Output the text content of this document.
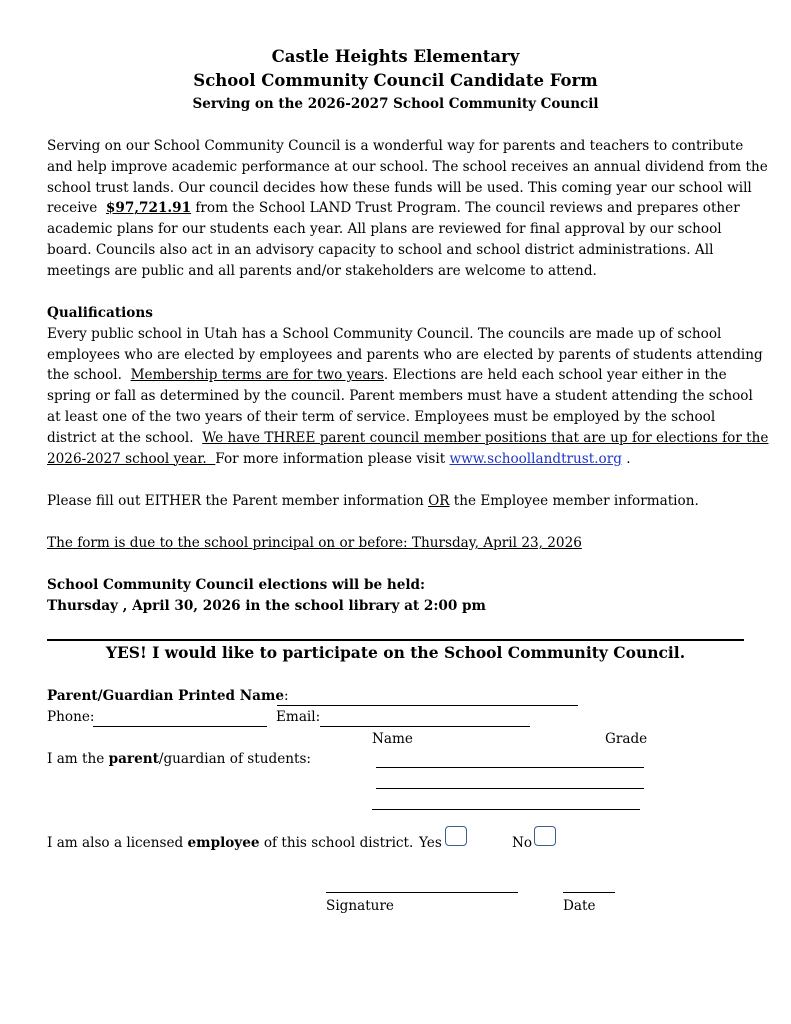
Castle Heights Elementary
School Community Council Candidate Form
Serving on the 2026-2027 School Community Council
Serving on our School Community Council is a wonderful way for parents and teachers to contribute
and help improve academic performance at our school. The school receives an annual dividend from the
school trust lands. Our council decides how these funds will be used. This coming year our school will
receive  $97,721.91 from the School LAND Trust Program. The council reviews and prepares other
academic plans for our students each year. All plans are reviewed for final approval by our school
board. Councils also act in an advisory capacity to school and school district administrations. All
meetings are public and all parents and/or stakeholders are welcome to attend.
Qualifications
Every public school in Utah has a School Community Council. The councils are made up of school
employees who are elected by employees and parents who are elected by parents of students attending
the school.  Membership terms are for two years. Elections are held each school year either in the
spring or fall as determined by the council. Parent members must have a student attending the school
at least one of the two years of their term of service. Employees must be employed by the school
district at the school.  We have THREE parent council member positions that are up for elections for the
2026-2027 school year.  For more information please visit www.schoollandtrust.org .
Please fill out EITHER the Parent member information OR the Employee member information.
The form is due to the school principal on or before: Thursday, April 23, 2026
School Community Council elections will be held:
Thursday , April 30, 2026 in the school library at 2:00 pm
YES! I would like to participate on the School Community Council.
Parent/Guardian Printed Name:
Phone:	Email:
Name	Grade
I am the parent/guardian of students:
I am also a licensed employee of this school district. Yes	No
Signature	Date
